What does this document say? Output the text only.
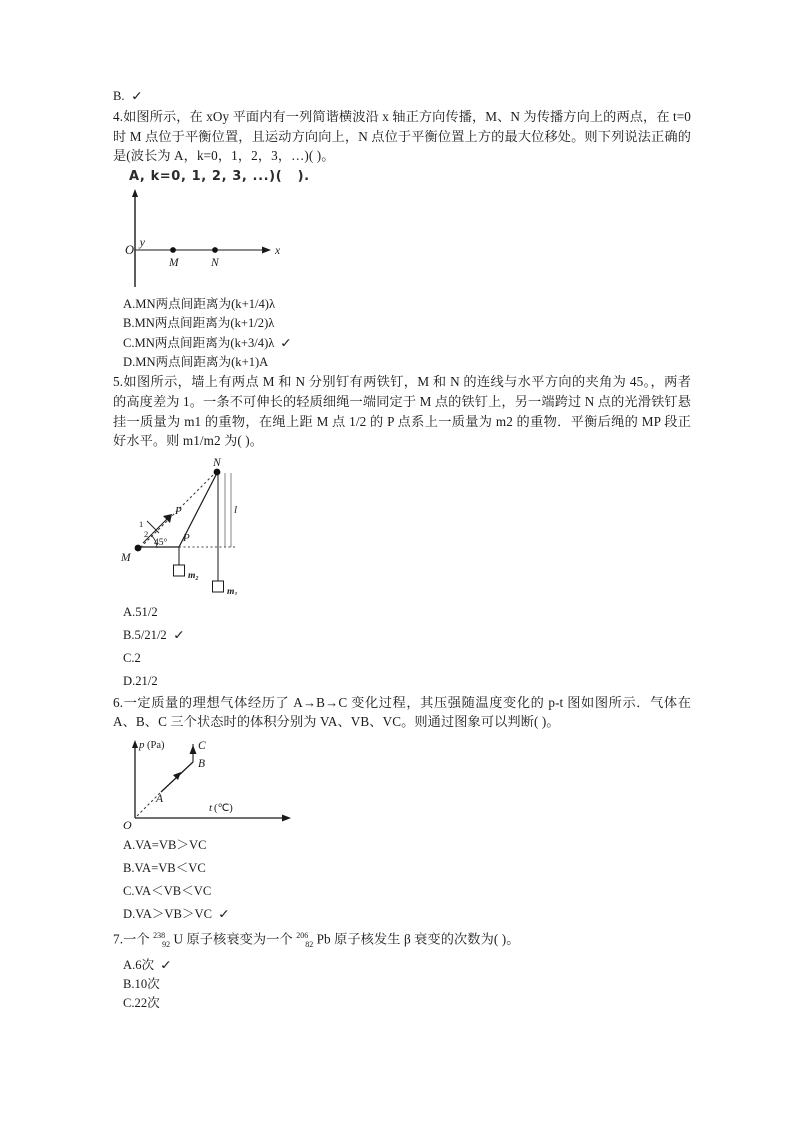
B. ✓

4.如图所示，在 xOy 平面内有一列简谐横波沿 x 轴正方向传播，M、N 为传播方向上的两点，在 t=0 时 M 点位于平衡位置，且运动方向向上，N 点位于平衡位置上方的最大位移处。则下列说法正确的是(波长为 A，k=0，1，2，3，…)( )。

A, k=0, 1, 2, 3, ...)(   ).

y
O	x
M	N

A.MN两点间距离为(k+1/4)λ

B.MN两点间距离为(k+1/2)λ

C.MN两点间距离为(k+3/4)λ ✓

D.MN两点间距离为(k+1)A

5.如图所示，墙上有两点 M 和 N 分别钉有两铁钉，M 和 N 的连线与水平方向的夹角为 45。，两者的高度差为 1。一条不可伸长的轻质细绳一端同定于 M 点的铁钉上，另一端跨过 N 点的光滑铁钉悬挂一质量为 m1 的重物，在绳上距 M 点 1/2 的 P 点系上一质量为 m2 的重物．平衡后绳的 MP 段正好水平。则 m1/m2 为( )。

N
M
P
P
45°
l
1
2
m₂
m₁

A.51/2

B.5/21/2 ✓

C.2

D.21/2

6.一定质量的理想气体经历了 A→B→C 变化过程，其压强随温度变化的 p-t 图如图所示．气体在 A、B、C 三个状态时的体积分别为 VA、VB、VC。则通过图象可以判断( )。

p (Pa)
t (℃)
O
A
B
C

A.VA=VB＞VC

B.VA=VB＜VC

C.VA＜VB＜VC

D.VA＞VB＞VC ✓

7.一个 $^{238}_{92}$ U 原子核衰变为一个 $^{206}_{82}$ Pb 原子核发生 β 衰变的次数为( )。

A.6次 ✓

B.10次

C.22次
